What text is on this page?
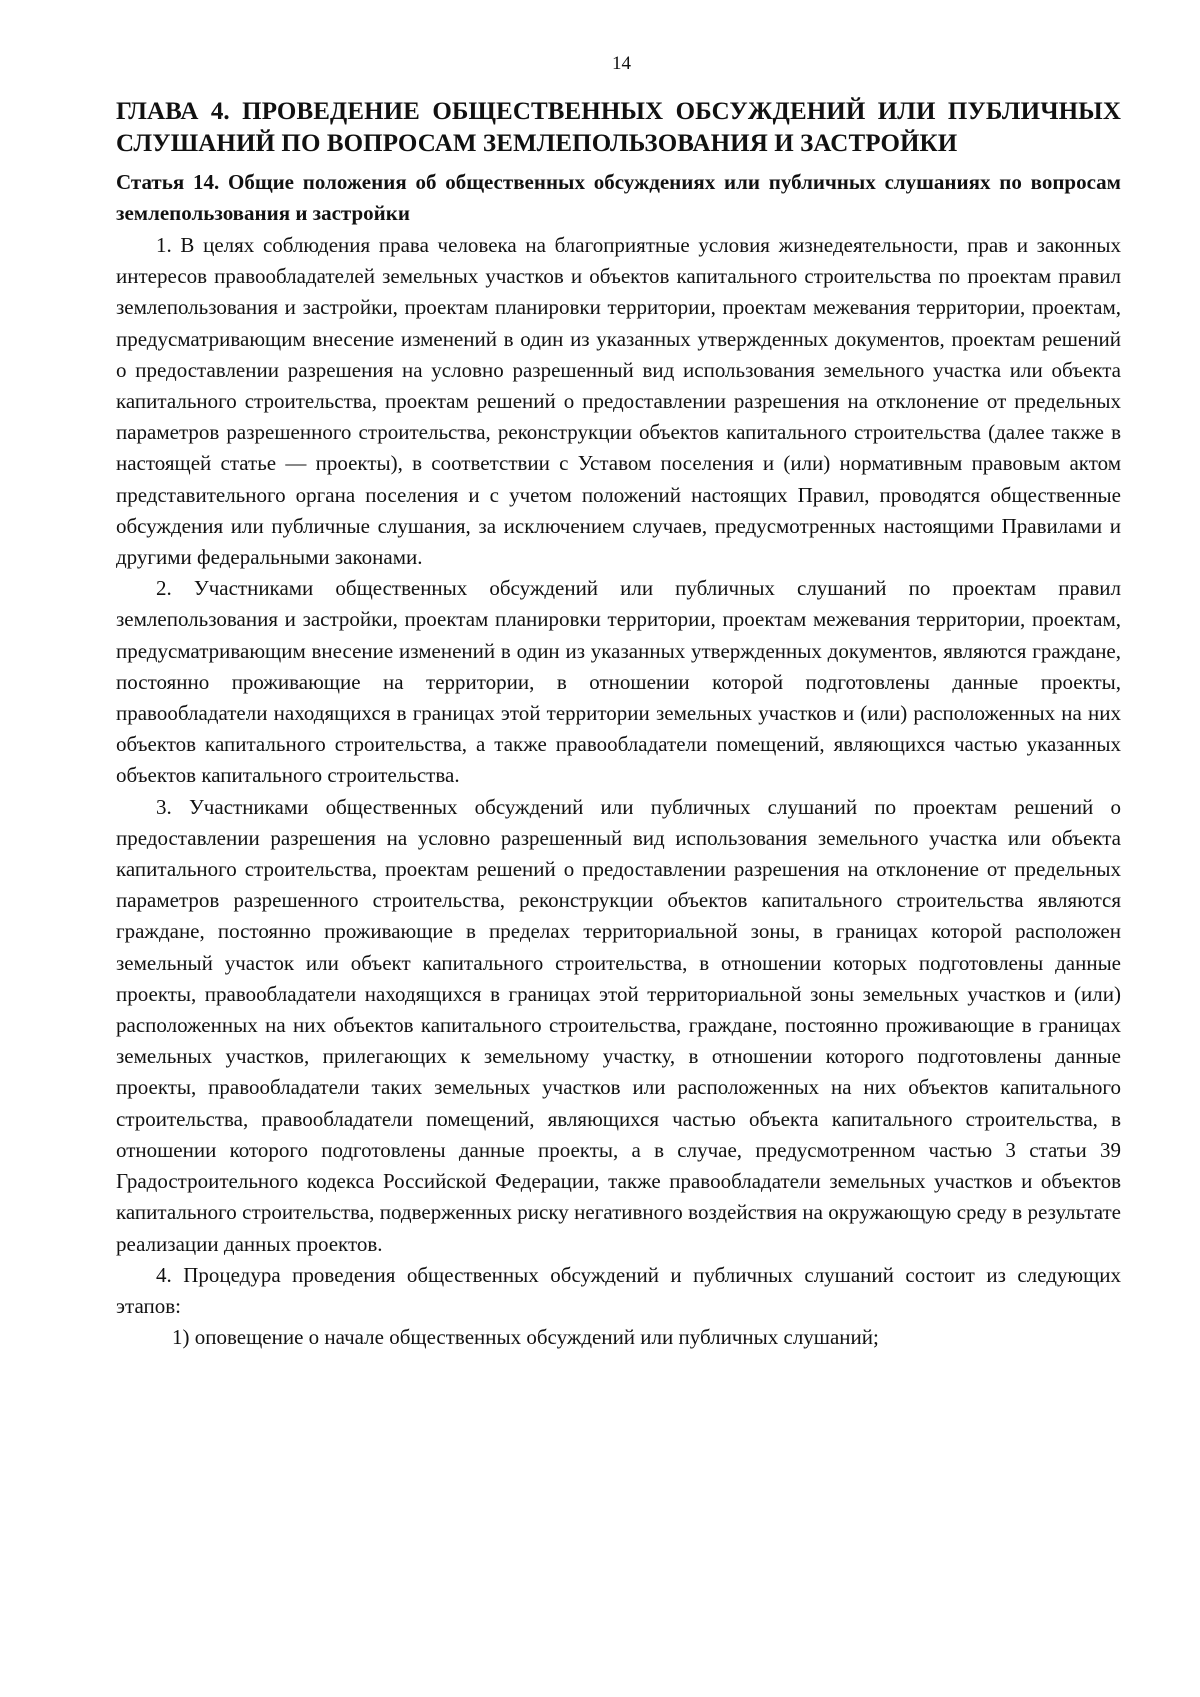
14
ГЛАВА 4. ПРОВЕДЕНИЕ ОБЩЕСТВЕННЫХ ОБСУЖДЕНИЙ ИЛИ ПУБЛИЧНЫХ СЛУШАНИЙ ПО ВОПРОСАМ ЗЕМЛЕПОЛЬЗОВАНИЯ И ЗАСТРОЙКИ
Статья 14. Общие положения об общественных обсуждениях или публичных слушаниях по вопросам землепользования и застройки

1. В целях соблюдения права человека на благоприятные условия жизнедеятельности, прав и законных интересов правообладателей земельных участков и объектов капитального строительства по проектам правил землепользования и застройки, проектам планировки территории, проектам межевания территории, проектам, предусматривающим внесение изменений в один из указанных утвержденных документов, проектам решений о предоставлении разрешения на условно разрешенный вид использования земельного участка или объекта капитального строительства, проектам решений о предоставлении разрешения на отклонение от предельных параметров разрешенного строительства, реконструкции объектов капитального строительства (далее также в настоящей статье — проекты), в соответствии с Уставом поселения и (или) нормативным правовым актом представительного органа поселения и с учетом положений настоящих Правил, проводятся общественные обсуждения или публичные слушания, за исключением случаев, предусмотренных настоящими Правилами и другими федеральными законами.

2. Участниками общественных обсуждений или публичных слушаний по проектам правил землепользования и застройки, проектам планировки территории, проектам межевания территории, проектам, предусматривающим внесение изменений в один из указанных утвержденных документов, являются граждане, постоянно проживающие на территории, в отношении которой подготовлены данные проекты, правообладатели находящихся в границах этой территории земельных участков и (или) расположенных на них объектов капитального строительства, а также правообладатели помещений, являющихся частью указанных объектов капитального строительства.

3. Участниками общественных обсуждений или публичных слушаний по проектам решений о предоставлении разрешения на условно разрешенный вид использования земельного участка или объекта капитального строительства, проектам решений о предоставлении разрешения на отклонение от предельных параметров разрешенного строительства, реконструкции объектов капитального строительства являются граждане, постоянно проживающие в пределах территориальной зоны, в границах которой расположен земельный участок или объект капитального строительства, в отношении которых подготовлены данные проекты, правообладатели находящихся в границах этой территориальной зоны земельных участков и (или) расположенных на них объектов капитального строительства, граждане, постоянно проживающие в границах земельных участков, прилегающих к земельному участку, в отношении которого подготовлены данные проекты, правообладатели таких земельных участков или расположенных на них объектов капитального строительства, правообладатели помещений, являющихся частью объекта капитального строительства, в отношении которого подготовлены данные проекты, а в случае, предусмотренном частью 3 статьи 39 Градостроительного кодекса Российской Федерации, также правообладатели земельных участков и объектов капитального строительства, подверженных риску негативного воздействия на окружающую среду в результате реализации данных проектов.

4. Процедура проведения общественных обсуждений и публичных слушаний состоит из следующих этапов:

1) оповещение о начале общественных обсуждений или публичных слушаний;
